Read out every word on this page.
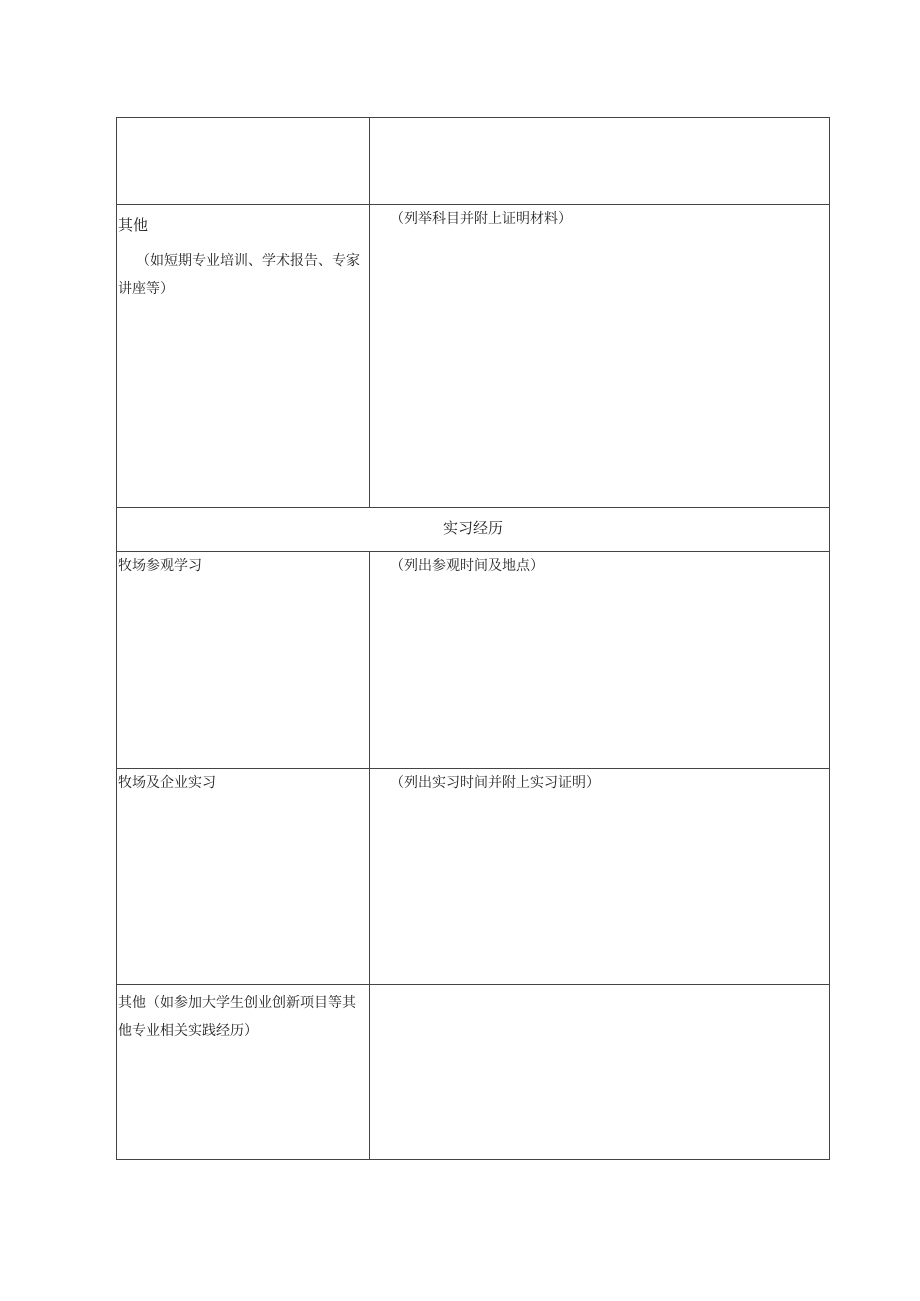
其他
（如短期专业培训、学术报告、专家讲座等）
（列举科目并附上证明材料）
实习经历
牧场参观学习	（列出参观时间及地点）
牧场及企业实习	（列出实习时间并附上实习证明）
其他（如参加大学生创业创新项目等其他专业相关实践经历）
